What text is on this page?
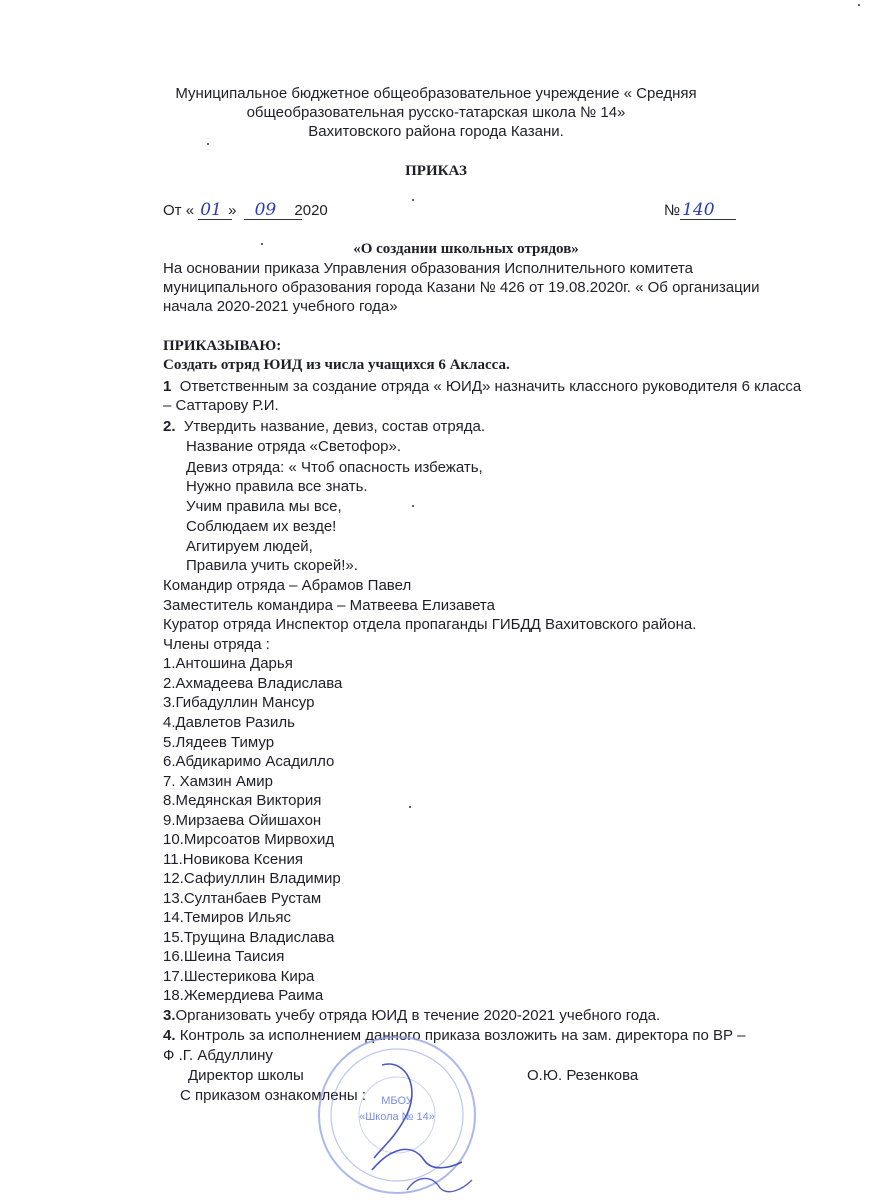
Муниципальное бюджетное общеобразовательное учреждение « Средняя
общеобразовательная русско-татарская школа № 14»
Вахитовского района города Казани.
ПРИКАЗ
От « 01 » 09 2020	№ 140
«О создании школьных отрядов»
На основании приказа Управления образования Исполнительного комитета
муниципального образования города Казани № 426 от 19.08.2020г. « Об организации
начала 2020-2021 учебного года»
ПРИКАЗЫВАЮ:
Создать отряд ЮИД из числа учащихся 6 Акласса.
1 Ответственным за создание отряда « ЮИД» назначить классного руководителя 6 класса
– Саттарову Р.И.
2. Утвердить название, девиз, состав отряда.
Название отряда «Светофор».
Девиз отряда: « Чтоб опасность избежать,
Нужно правила все знать.
Учим правила мы все,
Соблюдаем их везде!
Агитируем людей,
Правила учить скорей!».
Командир отряда – Абрамов Павел
Заместитель командира – Матвеева Елизавета
Куратор отряда Инспектор отдела пропаганды ГИБДД Вахитовского района.
Члены отряда :
1.Антошина Дарья
2.Ахмадеева Владислава
3.Гибадуллин Мансур
4.Давлетов Разиль
5.Лядеев Тимур
6.Абдикаримо Асадилло
7. Хамзин Амир
8.Медянская Виктория
9.Мирзаева Ойишахон
10.Мирсоатов Мирвохид
11.Новикова Ксения
12.Сафиуллин Владимир
13.Султанбаев Рустам
14.Темиров Ильяс
15.Трущина Владислава
16.Шеина Таисия
17.Шестерикова Кира
18.Жемердиева Раима
3.Организовать учебу отряда ЮИД в течение 2020-2021 учебного года.
4. Контроль за исполнением данного приказа возложить на зам. директора по ВР –
Ф .Г. Абдуллину
Директор школы	О.Ю. Резенкова
С приказом ознакомлены : МБОУ
«Школа № 14»
